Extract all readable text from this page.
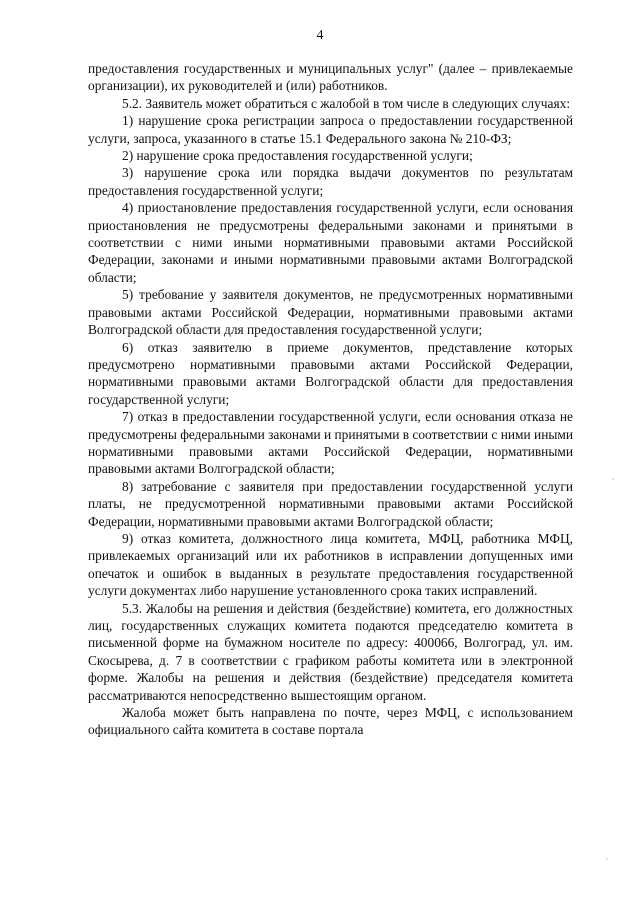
4

предоставления государственных и муниципальных услуг" (далее – привлекаемые организации), их руководителей и (или) работников.

5.2. Заявитель может обратиться с жалобой в том числе в следующих случаях:

1) нарушение срока регистрации запроса о предоставлении государственной услуги, запроса, указанного в статье 15.1 Федерального закона № 210-ФЗ;

2) нарушение срока предоставления государственной услуги;

3) нарушение срока или порядка выдачи документов по результатам предоставления государственной услуги;

4) приостановление предоставления государственной услуги, если основания приостановления не предусмотрены федеральными законами и принятыми в соответствии с ними иными нормативными правовыми актами Российской Федерации, законами и иными нормативными правовыми актами Волгоградской области;

5) требование у заявителя документов, не предусмотренных нормативными правовыми актами Российской Федерации, нормативными правовыми актами Волгоградской области для предоставления государственной услуги;

6) отказ заявителю в приеме документов, представление которых предусмотрено нормативными правовыми актами Российской Федерации, нормативными правовыми актами Волгоградской области для предоставления государственной услуги;

7) отказ в предоставлении государственной услуги, если основания отказа не предусмотрены федеральными законами и принятыми в соответствии с ними иными нормативными правовыми актами Российской Федерации, нормативными правовыми актами Волгоградской области;

8) затребование с заявителя при предоставлении государственной услуги платы, не предусмотренной нормативными правовыми актами Российской Федерации, нормативными правовыми актами Волгоградской области;

9) отказ комитета, должностного лица комитета, МФЦ, работника МФЦ, привлекаемых организаций или их работников в исправлении допущенных ими опечаток и ошибок в выданных в результате предоставления государственной услуги документах либо нарушение установленного срока таких исправлений.

5.3. Жалобы на решения и действия (бездействие) комитета, его должностных лиц, государственных служащих комитета подаются председателю комитета в письменной форме на бумажном носителе по адресу: 400066, Волгоград, ул. им. Скосырева, д. 7 в соответствии с графиком работы комитета или в электронной форме. Жалобы на решения и действия (бездействие) председателя комитета рассматриваются непосредственно вышестоящим органом.

Жалоба может быть направлена по почте, через МФЦ, с использованием официального сайта комитета в составе портала
